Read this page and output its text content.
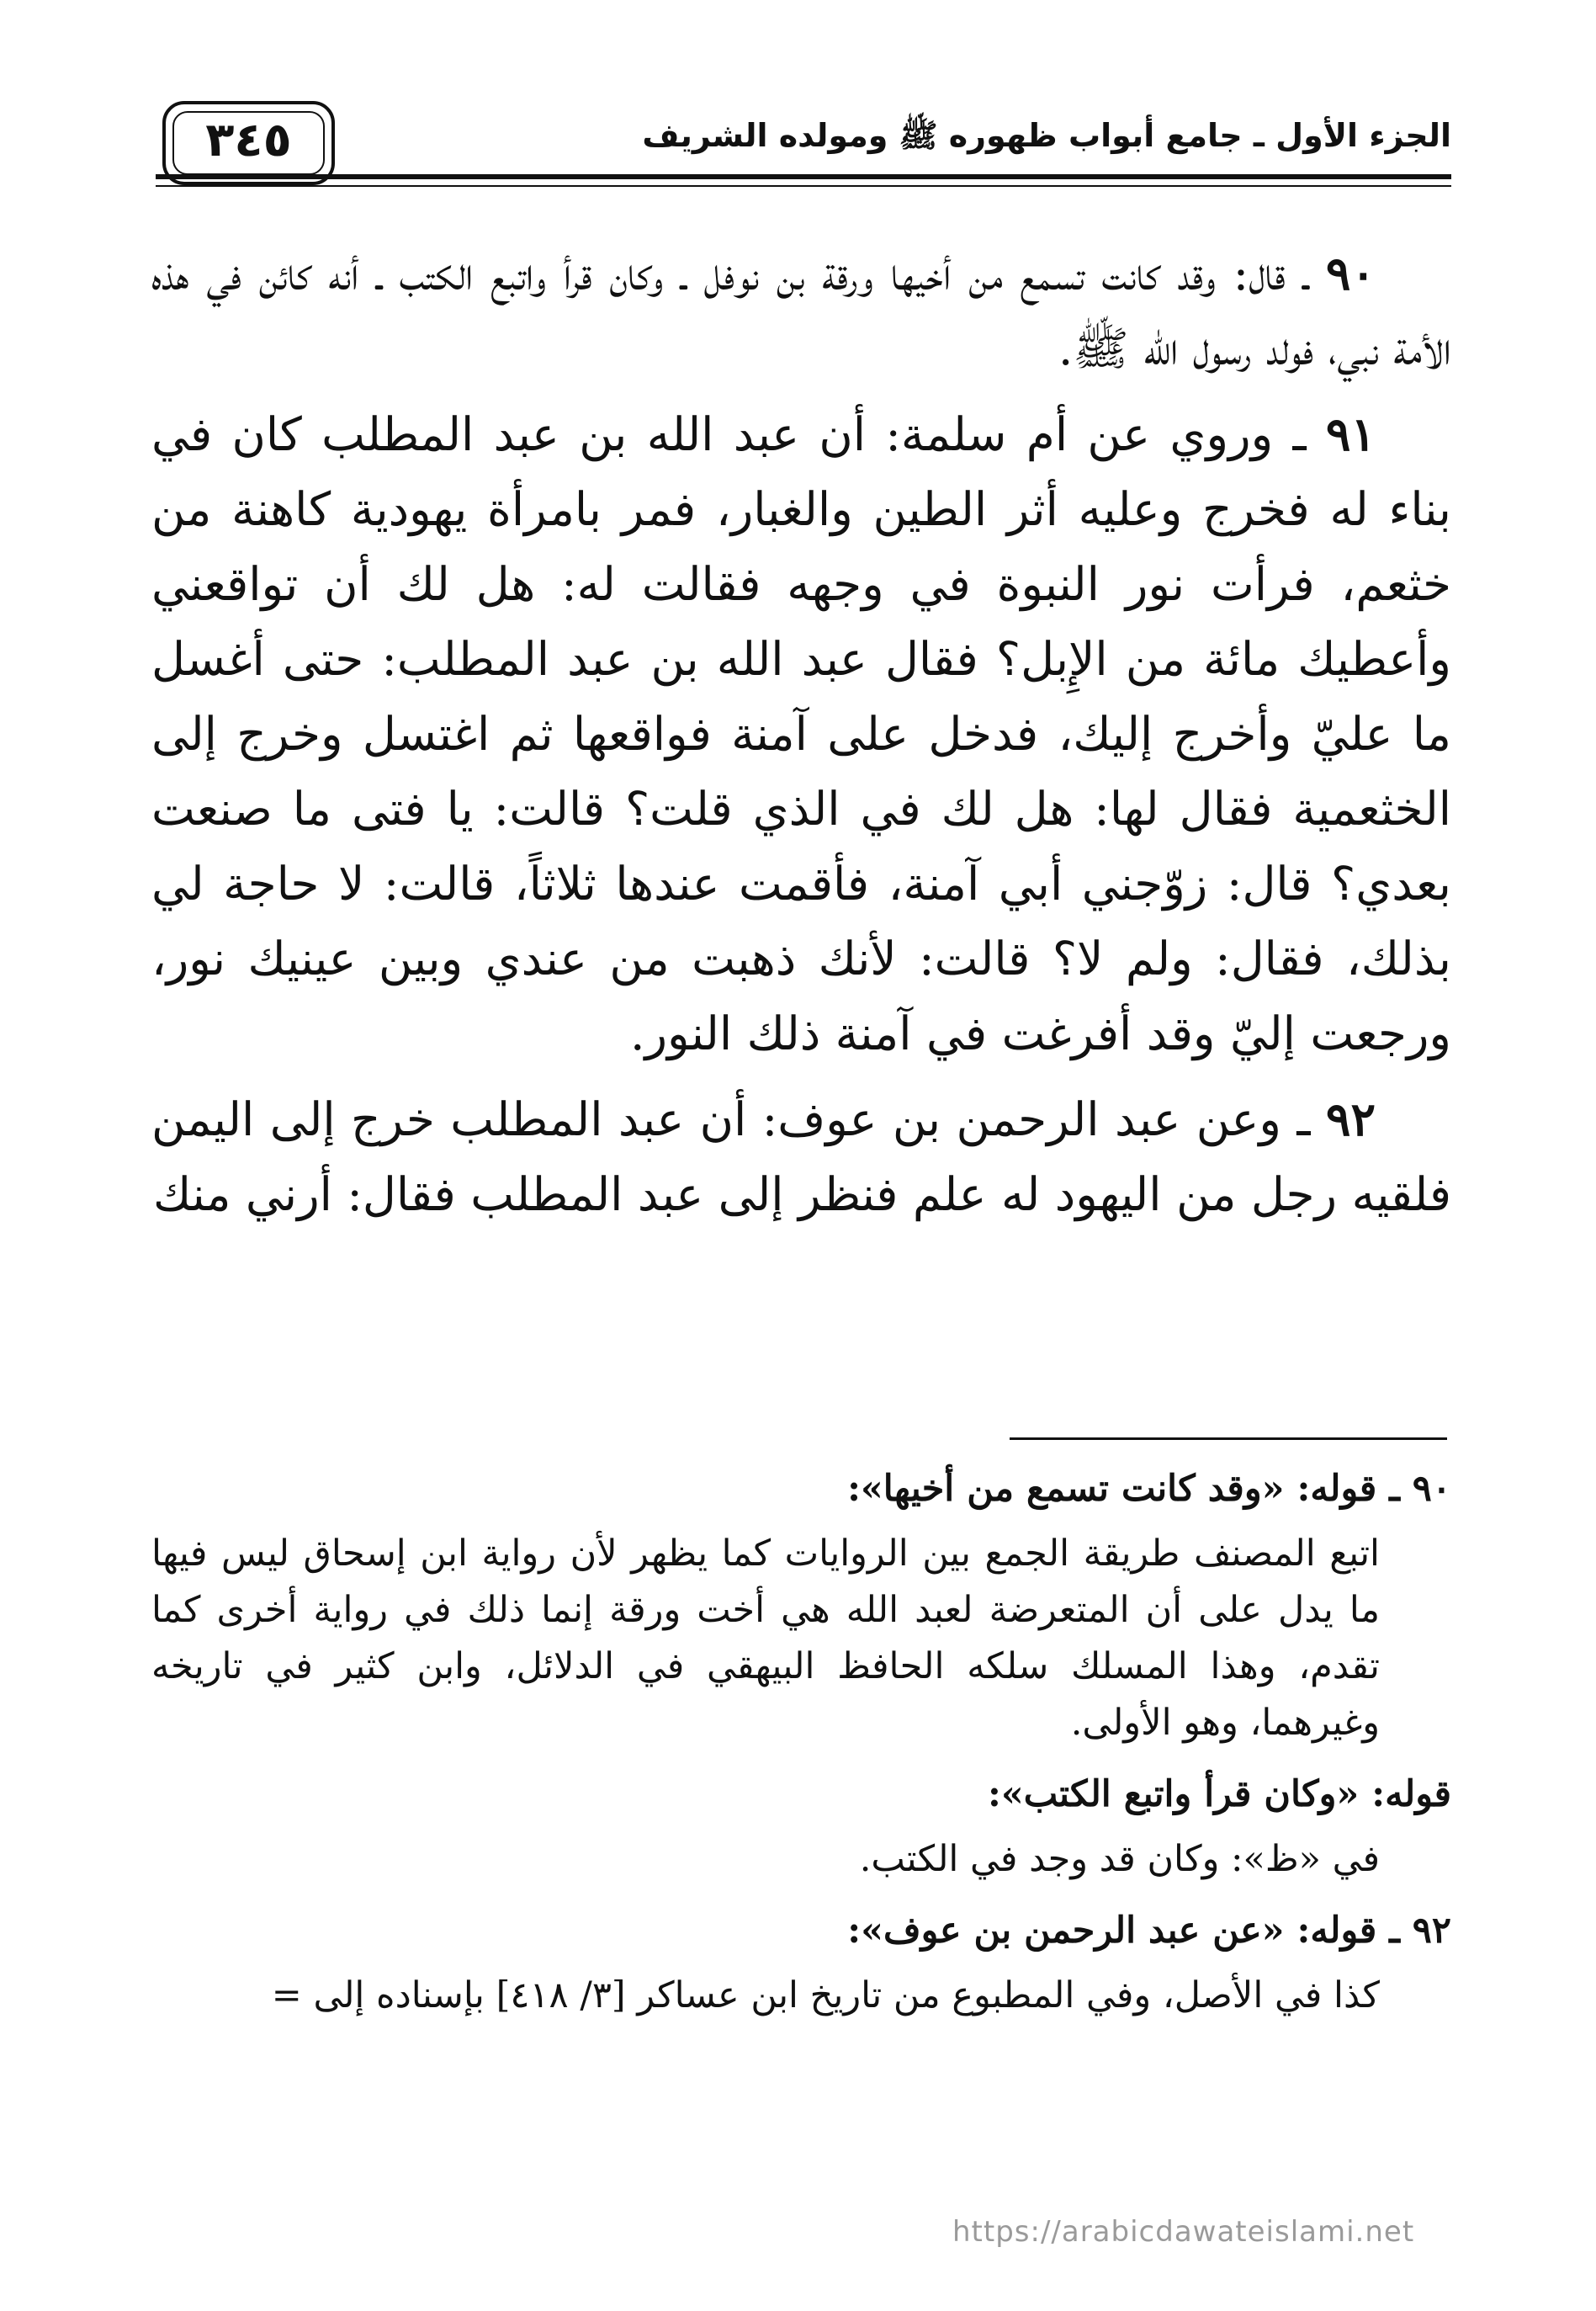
الجزء الأول ـ جامع أبواب ظهوره ﷺ ومولده الشريف
٣٤٥

٩٠ ـ قال: وقد كانت تسمع من أخيها ورقة بن نوفل ـ وكان قرأ واتبع الكتب ـ أنه كائن في هذه الأمة نبي، فولد رسول الله ﷺ.

٩١ ـ وروي عن أم سلمة: أن عبد الله بن عبد المطلب كان في بناء له فخرج وعليه أثر الطين والغبار، فمر بامرأة يهودية كاهنة من خثعم، فرأت نور النبوة في وجهه فقالت له: هل لك أن تواقعني وأعطيك مائة من الإِبل؟ فقال عبد الله بن عبد المطلب: حتى أغسل ما عليّ وأخرج إليك، فدخل على آمنة فواقعها ثم اغتسل وخرج إلى الخثعمية فقال لها: هل لك في الذي قلت؟ قالت: يا فتى ما صنعت بعدي؟ قال: زوّجني أبي آمنة، فأقمت عندها ثلاثاً، قالت: لا حاجة لي بذلك، فقال: ولم لا؟ قالت: لأنك ذهبت من عندي وبين عينيك نور، ورجعت إليّ وقد أفرغت في آمنة ذلك النور.

٩٢ ـ وعن عبد الرحمن بن عوف: أن عبد المطلب خرج إلى اليمن فلقيه رجل من اليهود له علم فنظر إلى عبد المطلب فقال: أرني منك

٩٠ ـ قوله: «وقد كانت تسمع من أخيها»:
اتبع المصنف طريقة الجمع بين الروايات كما يظهر لأن رواية ابن إسحاق ليس فيها ما يدل على أن المتعرضة لعبد الله هي أخت ورقة إنما ذلك في رواية أخرى كما تقدم، وهذا المسلك سلكه الحافظ البيهقي في الدلائل، وابن كثير في تاريخه وغيرهما، وهو الأولى.
قوله: «وكان قرأ واتبع الكتب»:
في «ظ»: وكان قد وجد في الكتب.
٩٢ ـ قوله: «عن عبد الرحمن بن عوف»:
كذا في الأصل، وفي المطبوع من تاريخ ابن عساكر [٣/ ٤١٨] بإسناده إلى =
https://arabicdawateislami.net
